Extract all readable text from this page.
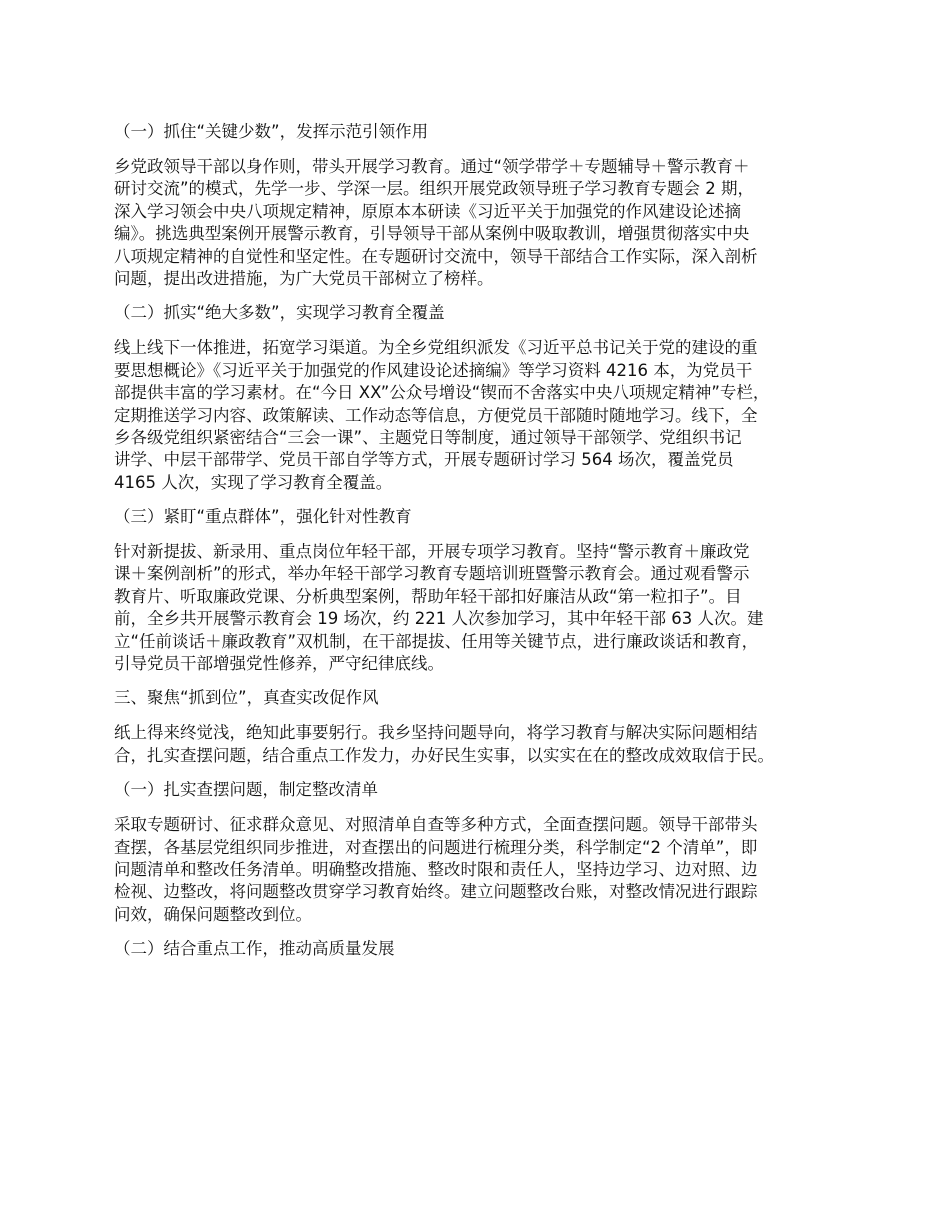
（一）抓住“关键少数”，发挥示范引领作用
乡党政领导干部以身作则，带头开展学习教育。通过“领学带学＋专题辅导＋警示教育＋
研讨交流”的模式，先学一步、学深一层。组织开展党政领导班子学习教育专题会 2 期，
深入学习领会中央八项规定精神，原原本本研读《习近平关于加强党的作风建设论述摘
编》。挑选典型案例开展警示教育，引导领导干部从案例中吸取教训，增强贯彻落实中央
八项规定精神的自觉性和坚定性。在专题研讨交流中，领导干部结合工作实际，深入剖析
问题，提出改进措施，为广大党员干部树立了榜样。
（二）抓实“绝大多数”，实现学习教育全覆盖
线上线下一体推进，拓宽学习渠道。为全乡党组织派发《习近平总书记关于党的建设的重
要思想概论》《习近平关于加强党的作风建设论述摘编》等学习资料 4216 本，为党员干
部提供丰富的学习素材。在“今日 XX”公众号增设“锲而不舍落实中央八项规定精神”专栏，
定期推送学习内容、政策解读、工作动态等信息，方便党员干部随时随地学习。线下，全
乡各级党组织紧密结合“三会一课”、主题党日等制度，通过领导干部领学、党组织书记
讲学、中层干部带学、党员干部自学等方式，开展专题研讨学习 564 场次，覆盖党员
4165 人次，实现了学习教育全覆盖。
（三）紧盯“重点群体”，强化针对性教育
针对新提拔、新录用、重点岗位年轻干部，开展专项学习教育。坚持“警示教育＋廉政党
课＋案例剖析”的形式，举办年轻干部学习教育专题培训班暨警示教育会。通过观看警示
教育片、听取廉政党课、分析典型案例，帮助年轻干部扣好廉洁从政“第一粒扣子”。目
前，全乡共开展警示教育会 19 场次，约 221 人次参加学习，其中年轻干部 63 人次。建
立“任前谈话＋廉政教育”双机制，在干部提拔、任用等关键节点，进行廉政谈话和教育，
引导党员干部增强党性修养，严守纪律底线。
三、聚焦“抓到位”，真查实改促作风
纸上得来终觉浅，绝知此事要躬行。我乡坚持问题导向，将学习教育与解决实际问题相结
合，扎实查摆问题，结合重点工作发力，办好民生实事，以实实在在的整改成效取信于民。
（一）扎实查摆问题，制定整改清单
采取专题研讨、征求群众意见、对照清单自查等多种方式，全面查摆问题。领导干部带头
查摆，各基层党组织同步推进，对查摆出的问题进行梳理分类，科学制定“2 个清单”，即
问题清单和整改任务清单。明确整改措施、整改时限和责任人，坚持边学习、边对照、边
检视、边整改，将问题整改贯穿学习教育始终。建立问题整改台账，对整改情况进行跟踪
问效，确保问题整改到位。
（二）结合重点工作，推动高质量发展
